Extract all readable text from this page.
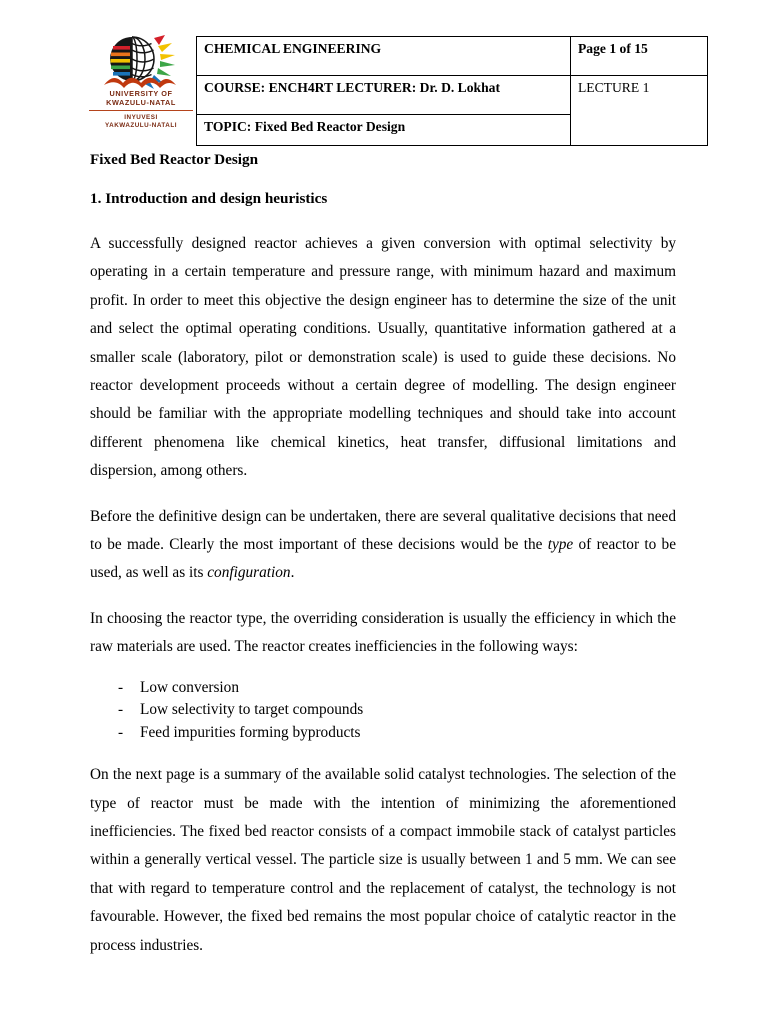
UNIVERSITY OF
KWAZULU-NATAL
INYUVESI
YAKWAZULU-NATALI
CHEMICAL ENGINEERING	Page 1 of 15
COURSE: ENCH4RT LECTURER: Dr. D. Lokhat	LECTURE 1
TOPIC: Fixed Bed Reactor Design	
Fixed Bed Reactor Design
1. Introduction and design heuristics

A successfully designed reactor achieves a given conversion with optimal selectivity by operating in a certain temperature and pressure range, with minimum hazard and maximum profit. In order to meet this objective the design engineer has to determine the size of the unit and select the optimal operating conditions. Usually, quantitative information gathered at a smaller scale (laboratory, pilot or demonstration scale) is used to guide these decisions. No reactor development proceeds without a certain degree of modelling. The design engineer should be familiar with the appropriate modelling techniques and should take into account different phenomena like chemical kinetics, heat transfer, diffusional limitations and dispersion, among others.

Before the definitive design can be undertaken, there are several qualitative decisions that need to be made. Clearly the most important of these decisions would be the type of reactor to be used, as well as its configuration.

In choosing the reactor type, the overriding consideration is usually the efficiency in which the raw materials are used. The reactor creates inefficiencies in the following ways:

- Low conversion
- Low selectivity to target compounds
- Feed impurities forming byproducts

On the next page is a summary of the available solid catalyst technologies. The selection of the type of reactor must be made with the intention of minimizing the aforementioned inefficiencies. The fixed bed reactor consists of a compact immobile stack of catalyst particles within a generally vertical vessel. The particle size is usually between 1 and 5 mm. We can see that with regard to temperature control and the replacement of catalyst, the technology is not favourable. However, the fixed bed remains the most popular choice of catalytic reactor in the process industries.
